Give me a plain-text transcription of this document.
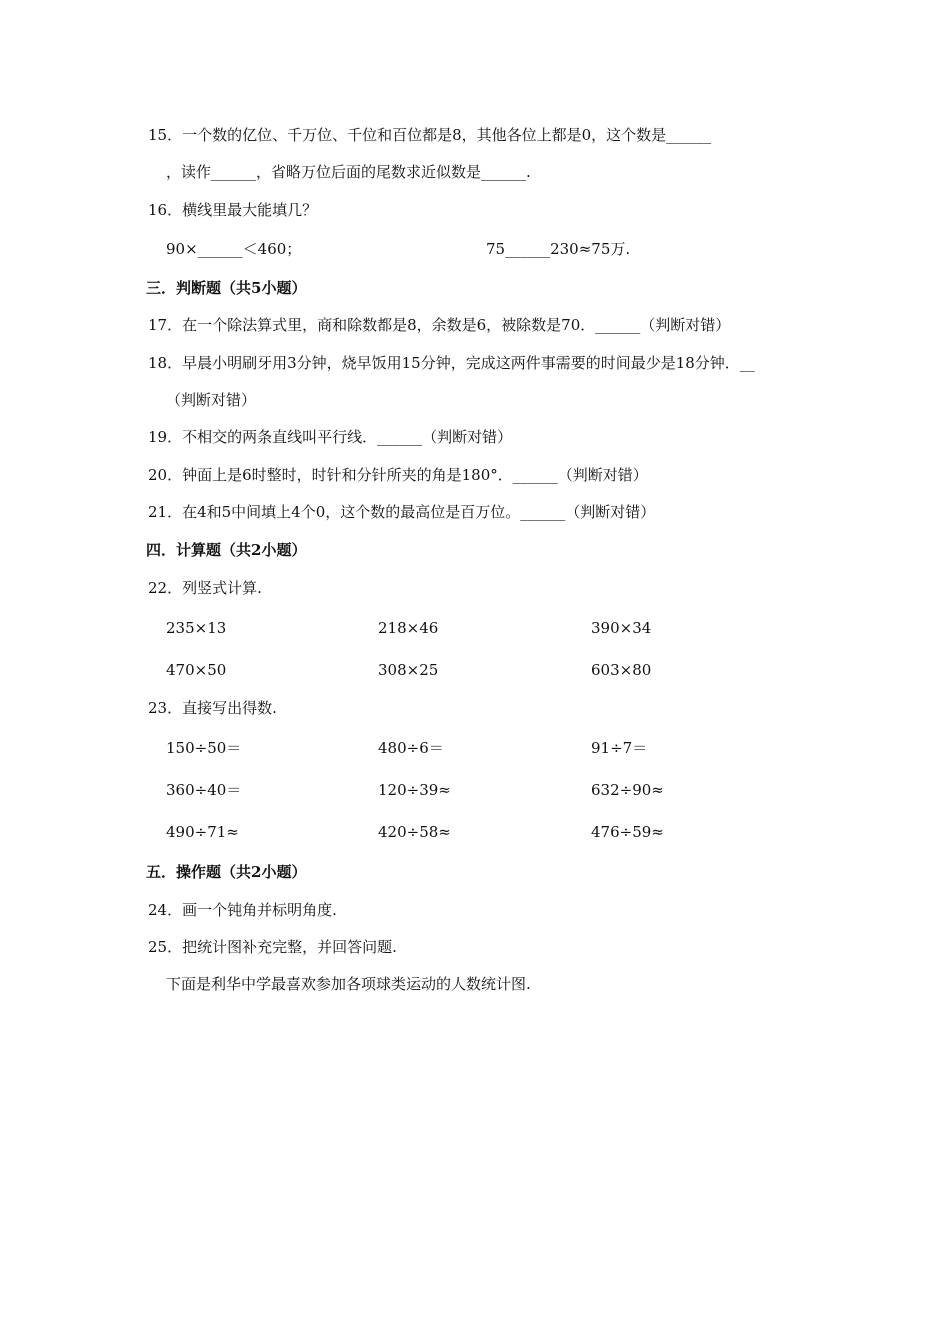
15．一个数的亿位、千万位、千位和百位都是8，其他各位上都是0，这个数是______
，读作______，省略万位后面的尾数求近似数是______.
16．横线里最大能填几？
90×______＜460；	75______230≈75万.
三．判断题（共5小题）
17．在一个除法算式里，商和除数都是8，余数是6，被除数是70．______（判断对错）
18．早晨小明刷牙用3分钟，烧早饭用15分钟，完成这两件事需要的时间最少是18分钟．__
（判断对错）
19．不相交的两条直线叫平行线．______（判断对错）
20．钟面上是6时整时，时针和分针所夹的角是180°．______（判断对错）
21．在4和5中间填上4个0，这个数的最高位是百万位。______（判断对错）
四．计算题（共2小题）
22．列竖式计算.
235×13	218×46	390×34
470×50	308×25	603×80
23．直接写出得数.
150÷50＝	480÷6＝	91÷7＝
360÷40＝	120÷39≈	632÷90≈
490÷71≈	420÷58≈	476÷59≈
五．操作题（共2小题）
24．画一个钝角并标明角度.
25．把统计图补充完整，并回答问题.
下面是利华中学最喜欢参加各项球类运动的人数统计图.
